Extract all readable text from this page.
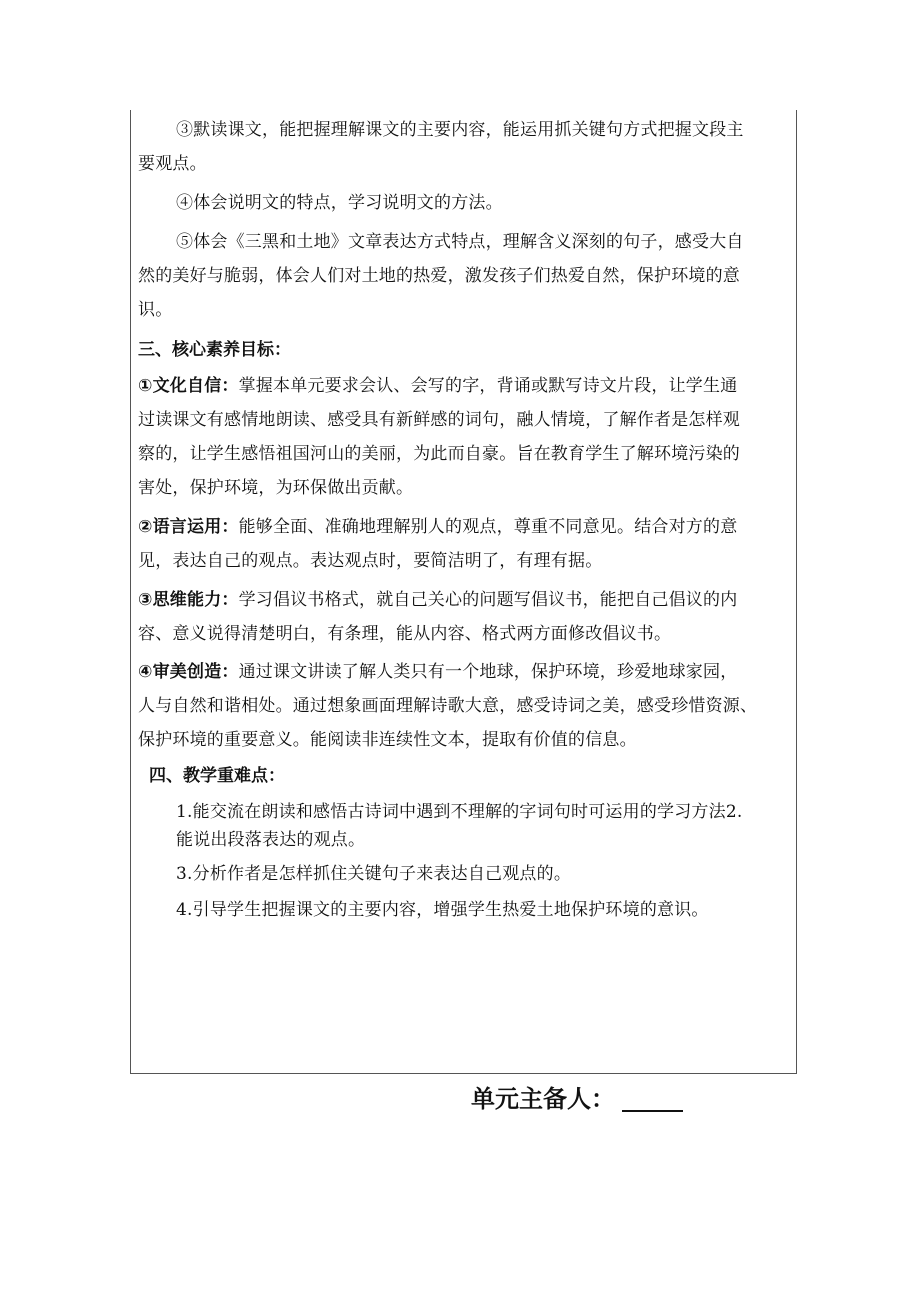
③默读课文，能把握理解课文的主要内容，能运用抓关键句方式把握文段主
要观点。
④体会说明文的特点，学习说明文的方法。
⑤体会《三黑和土地》文章表达方式特点，理解含义深刻的句子，感受大自
然的美好与脆弱，体会人们对土地的热爱，激发孩子们热爱自然，保护环境的意
识。
三、核心素养目标：
①文化自信：掌握本单元要求会认、会写的字，背诵或默写诗文片段，让学生通
过读课文有感情地朗读、感受具有新鲜感的词句，融人情境，了解作者是怎样观
察的，让学生感悟祖国河山的美丽，为此而自豪。旨在教育学生了解环境污染的
害处，保护环境，为环保做出贡献。
②语言运用：能够全面、准确地理解别人的观点，尊重不同意见。结合对方的意
见，表达自己的观点。表达观点时，要简洁明了，有理有据。
③思维能力：学习倡议书格式，就自己关心的问题写倡议书，能把自己倡议的内
容、意义说得清楚明白，有条理，能从内容、格式两方面修改倡议书。
④审美创造：通过课文讲读了解人类只有一个地球，保护环境，珍爱地球家园，
人与自然和谐相处。通过想象画面理解诗歌大意，感受诗词之美，感受珍惜资源、
保护环境的重要意义。能阅读非连续性文本，提取有价值的信息。
四、教学重难点：
1.能交流在朗读和感悟古诗词中遇到不理解的字词句时可运用的学习方法2.
能说出段落表达的观点。
3.分析作者是怎样抓住关键句子来表达自己观点的。
4.引导学生把握课文的主要内容，增强学生热爱土地保护环境的意识。
单元主备人：
